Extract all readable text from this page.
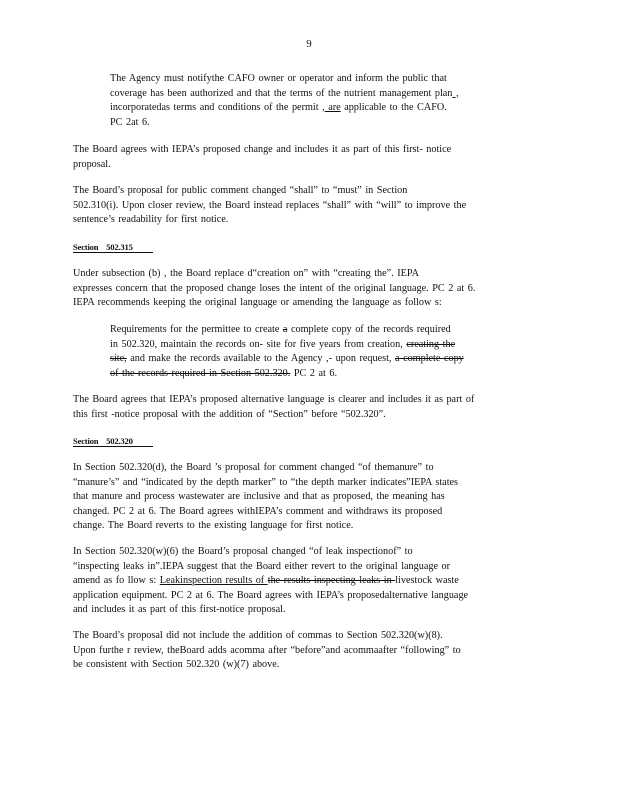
9
The Agency must notifythe CAFO owner or operator and inform the public that
coverage has been authorized and that the terms of the nutrient management plan ,
incorporatedas terms and conditions of the permit , are applicable to the CAFO.
PC 2at 6.
The Board agrees with IEPA’s proposed change and includes it as part of this first- notice
proposal.
The Board’s proposal for public comment changed “shall” to “must” in Section
502.310(i). Upon closer review, the Board instead replaces “shall” with “will” to improve the
sentence’s readability for first notice.
Section 502.315
Under subsection (b) , the Board replace d“creation on” with “creating the”. IEPA
expresses concern that the proposed change loses the intent of the original language. PC 2 at 6.
IEPA recommends keeping the original language or amending the language as follow s:
Requirements for the permittee to create a complete copy of the records required
in 502.320, maintain the records on- site for five years from creation, creating the
site, and make the records available to the Agency ,- upon request, a complete copy
of the records required in Section 502.320. PC 2 at 6.
The Board agrees that IEPA’s proposed alternative language is clearer and includes it as part of
this first -notice proposal with the addition of “Section” before “502.320”.
Section 502.320
In Section 502.320(d), the Board ’s proposal for comment changed “of themanure” to
“manure’s” and “indicated by the depth marker” to “the depth marker indicates”IEPA states
that manure and process wastewater are inclusive and that as proposed, the meaning has
changed. PC 2 at 6. The Board agrees withIEPA’s comment and withdraws its proposed
change. The Board reverts to the existing language for first notice.
In Section 502.320(w)(6) the Board’s proposal changed “of leak inspectionof” to
“inspecting leaks in”.IEPA suggest that the Board either revert to the original language or
amend as fo llow s: Leakinspection results of the results inspecting leaks in livestock waste
application equipment. PC 2 at 6. The Board agrees with IEPA’s proposedalternative language
and includes it as part of this first-notice proposal.
The Board’s proposal did not include the addition of commas to Section 502.320(w)(8).
Upon furthe r review, theBoard adds acomma after “before”and acommaafter “following” to
be consistent with Section 502.320 (w)(7) above.
